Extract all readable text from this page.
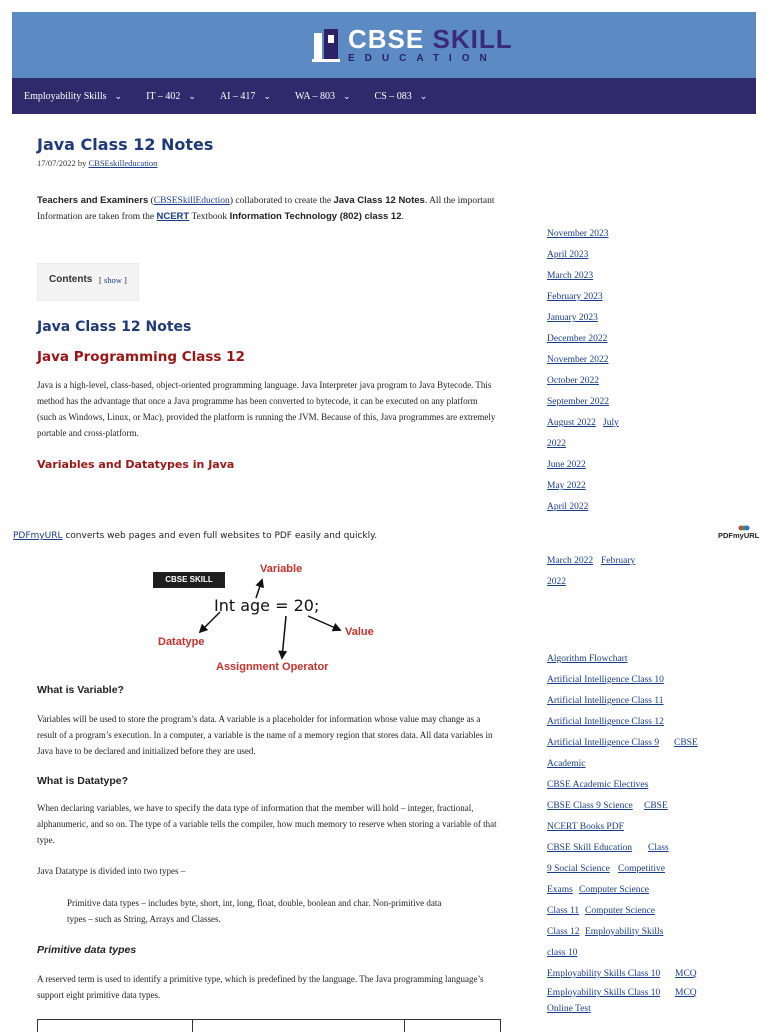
CBSE SKILL
EDUCATION
Employability Skills ⌄ IT – 402 ⌄ AI – 417 ⌄ WA – 803 ⌄ CS – 083 ⌄
Java Class 12 Notes
17/07/2022 by CBSEskilleducation

Teachers and Examiners (CBSESkillEduction) collaborated to create the Java Class 12 Notes. All the important Information are taken from the NCERT Textbook Information Technology (802) class 12.

Contents [ show ]
Java Class 12 Notes
Java Programming Class 12

Java is a high-level, class-based, object-oriented programming language. Java Interpreter java program to Java Bytecode. This method has the advantage that once a Java programme has been converted to bytecode, it can be executed on any platform (such as Windows, Linux, or Mac), provided the platform is running the JVM. Because of this, Java programmes are extremely portable and cross-platform.

Variables and Datatypes in Java
PDFmyURL converts web pages and even full websites to PDF easily and quickly.	PDFmyURL
CBSE SKILL
Variable
Int age = 20;
Value
Datatype
Assignment Operator
What is Variable?

Variables will be used to store the program’s data. A variable is a placeholder for information whose value may change as a result of a program’s execution. In a computer, a variable is the name of a memory region that stores data. All data variables in Java have to be declared and initialized before they are used.

What is Datatype?

When declaring variables, we have to specify the data type of information that the member will hold – integer, fractional, alphanumeric, and so on. The type of a variable tells the compiler, how much memory to reserve when storing a variable of that type.

Java Datatype is divided into two types –

Primitive data types – includes byte, short, int, long, float, double, boolean and char. Non-primitive data types – such as String, Arrays and Classes.

Primitive data types

A reserved term is used to identify a primitive type, which is predefined by the language. The Java programming language’s support eight primitive data types.

November 2023
April 2023
March 2023
February 2023
January 2023
December 2022
November 2022
October 2022
September 2022
August 2022 July
2022
June 2022
May 2022
April 2022
March 2022 February
2022
Algorithm Flowchart
Artificial Intelligence Class 10
Artificial Intelligence Class 11
Artificial Intelligence Class 12
Artificial Intelligence Class 9 CBSE
Academic
CBSE Academic Electives
CBSE Class 9 Science CBSE
NCERT Books PDF
CBSE Skill Education Class
9 Social Science Competitive
Exams Computer Science
Class 11 Computer Science
Class 12 Employability Skills
class 10
Employability Skills Class 10 MCQ
Employability Skills Class 10 MCQ
Online Test
